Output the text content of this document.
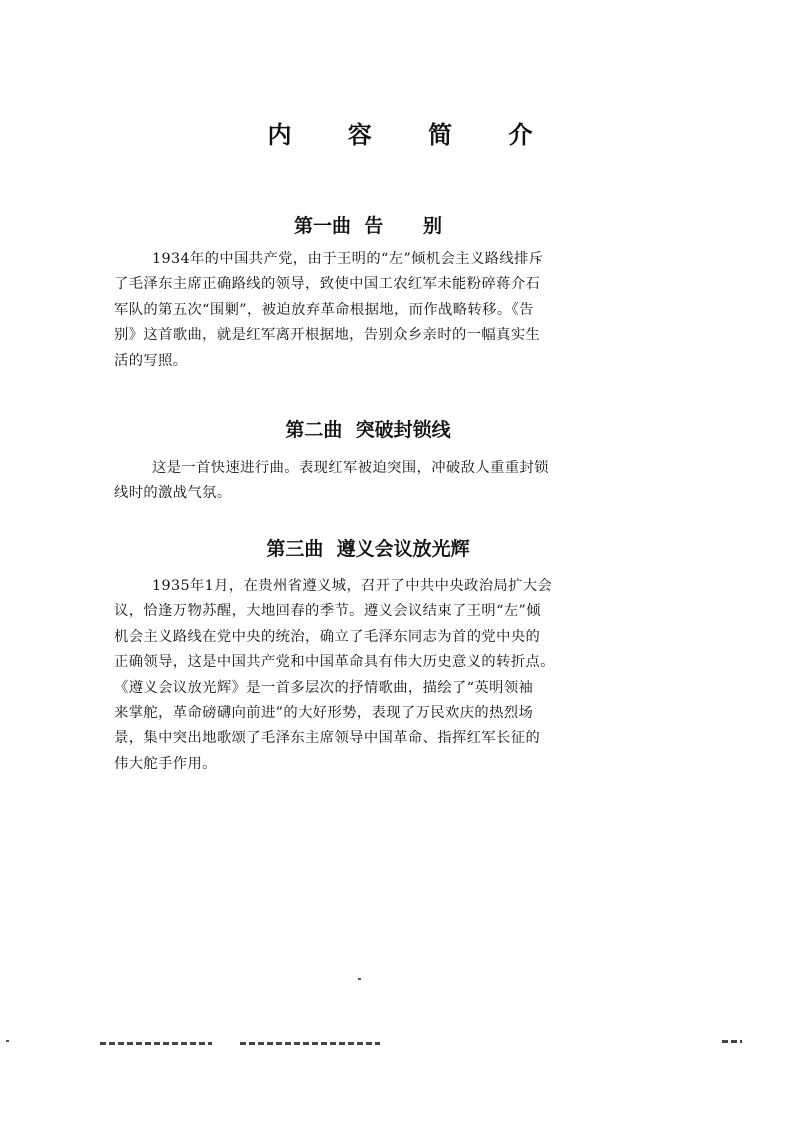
内 容 简 介
第一曲  告      别
1934年的中国共产党，由于王明的“左”倾机会主义路线排斥
了毛泽东主席正确路线的领导，致使中国工农红军未能粉碎蒋介石
军队的第五次“围剿”，被迫放弃革命根据地，而作战略转移。《告
别》这首歌曲，就是红军离开根据地，告别众乡亲时的一幅真实生
活的写照。
第二曲  突破封锁线
这是一首快速进行曲。表现红军被迫突围，冲破敌人重重封锁
线时的激战气氛。
第三曲  遵义会议放光辉
1935年1月，在贵州省遵义城，召开了中共中央政治局扩大会
议，恰逢万物苏醒，大地回春的季节。遵义会议结束了王明“左”倾
机会主义路线在党中央的统治，确立了毛泽东同志为首的党中央的
正确领导，这是中国共产党和中国革命具有伟大历史意义的转折点。
《遵义会议放光辉》是一首多层次的抒情歌曲，描绘了“英明领袖
来掌舵，革命磅礴向前进”的大好形势，表现了万民欢庆的热烈场
景，集中突出地歌颂了毛泽东主席领导中国革命、指挥红军长征的
伟大舵手作用。
